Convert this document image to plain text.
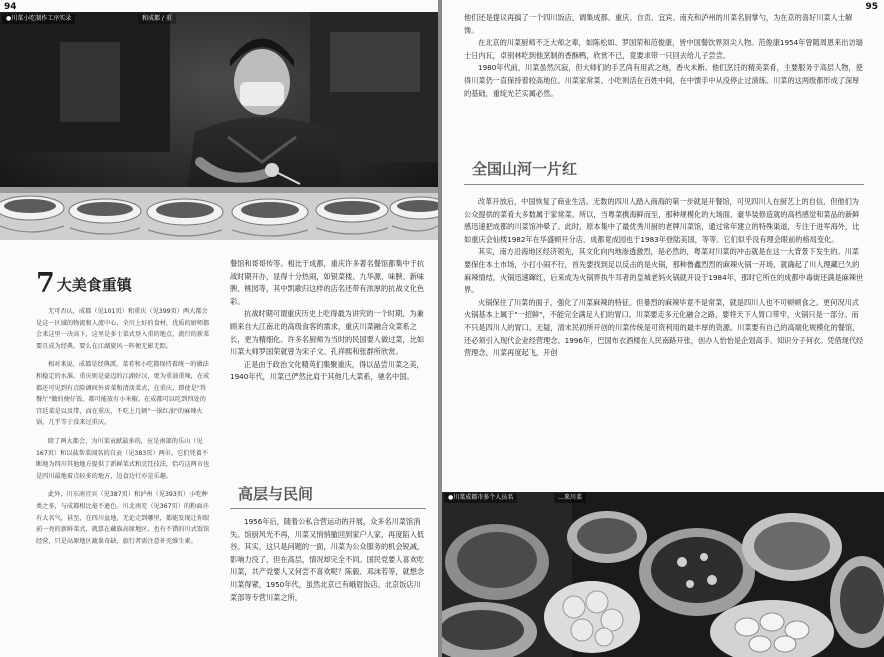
94
●川菜小吃制作工序实录	和成都 / 重
7 大美食重镇

无可否认，成都（见101页）和重庆（见399页）两大都会是这一区域的物流和人流中心，全川上好的食材，优质的厨师都会来这里一决高下，这里是多士菜式登入重的地点，流行的新菜要且成为经典，要么在江湖旋风一阵便无影无踪。

相对来说，成都是经典派，菜肴和小吃都保持着统一的做法和稳定的水准。重庆则是豪迈的江湖好汉，更为重油重辣，在成都还可见到有点险调间外省菜和清淡菜式，在重庆，即使是"答餐厅"做的便仔饭，都可能放有小米椒。在成都可以吃到四处的宫廷菜是以及带，而在重庆，不吃上几顿"一锅红油"的麻辣火锅，几乎等于没来过重庆。

除了两大都会，为川菜贡献最多的，应是南部的乐山（见167页）和以盐帮菜闻名的自贡（见383页）两市。它们凭着不断地为四川其他地方提供了新鲜菜式和烹饪技法，恰巧这两市也是四川最地着点较多的地方，边食边行亦是乐趣。

此外，川东南宜宾（见387页）和泸州（见393页）小吃种类之多，与成都相比毫不逊色。川北南充（见367页）的粉面亦有大名气，甚至，在四川盆地，无论走到哪里，都能发现让你眼前一亮的新鲜菜式，就算在藏族高原地区，也有不错的川式饭馆经营，只是高原地区蔬果奇缺，旅行者需注意补充维生素。

餐馆和哥哥传等。相比于成都，重庆许多著名餐馆都集中于抗战时期开办，显得十分热闹，如银菜楼、九华源、味腴、新味腴、桃园等，其中凯歌归这样的店名还带有浓厚的抗战文化色彩。

抗战时期可谓重庆历史上吃得最为讲究的一个时期，为兼顾来自大江南北的高级食客的需求，重庆川菜融合众菜系之长，更为精细化。许多名厨师为当时的民国要人做过菜，比如川菜大师罗国荣就曾为宋子文、孔祥熙和张群所欣赏。

正是由于政治文化精英们集聚重庆，得以品尝川菜之美，1940年代，川菜已俨然比肩于其他几大菜系，驰名中国。

高层与民间

1956年后，随着公私合营运动的开展，众多名川菜馆消失。馆厨风光不再，川菜又悄悄撤回到家户人家，再度陷入低谷。其实，这只是问题的一面，川菜为公众服务的机会锐减，影响力没了，但在高层，情况却完全不同。国民党要人喜欢吃川菜，共产党要人又何尝不喜欢呢？陈毅、邓沫若等，就想念川菜得紧，1950年代，虽然北京已有峨眉饭店、北京饭店川菜部等专营川菜之所，

95

他们还是提议再搞了一个四川饭店，调集成都、重庆、自贡、宜宾、南充和泸州的川菜名厨掌勺，为在京的喜好川菜人士解馋。

在北京的川菜厨师不乏大师之辈，如陈松如、罗国荣和范俊康，皆中国餐饮界顶尖人物。范俊康1954年曾随周恩来出访瑞士日内瓦，卓别林吃到他烹制的香酥鸭，欣赏不已，竟要求带一只回去给儿子尝尝。

1980年代前，川菜虽然沉寂，但大师们的手艺尚有用武之地，香火未断。他们烹饪的精美菜肴，主要服务于高层人物，使得川菜仍一直保持着较高地位。川菜家常菜、小吃则活在百姓中间，在中馈手中从没停止过演练。川菜的这两级都形成了深厚的基础，重绽光芒实属必然。

全国山河一片红

改革开放后，中国恢复了商业生活。无数的四川人踏入商海的第一步就是开餐馆，可见四川人在厨艺上的自信，但他们为公众提供的菜肴大多数属于家常菜。所以，当粤菜携海鲜而至，那种规模化的大场面、豪华装修造就的高档感觉和菜品的新鲜感迅速把成都的川菜馆冲晕了。此时，原本集中了最优秀川厨的老牌川菜馆，通过常年建立的特殊渠道，专注于进军海外，比如重庆会仙楼1982年在华盛顿开分店，成都竟成园也于1983年登陆美国，等等。它们似乎没有理会眼前的格局变化。

其实，南方沿海地区经济领先，其文化向内地渗透激烈，是必然的，粤菜对川菜的冲击就是在这一大背景下发生的。川菜要保住本土市场，小打小闹不行，首先要找到足以反击的是火锅，那种鲁鑫烈烈的麻辣火锅一开场，就确起了川人理藏已久的麻辣情结，火锅迅速蹿红，后来成为火锅界执牛耳者的皇城老妈火锅就开设于1984年，那时它所在的成都中毒街还满是麻辣世界。

火锅保住了川菜的面子，强化了川菜麻辣的特征。但暴烈的麻辣毕竟不是常菜，就是四川人也不可顿顿食之。更何况川式火锅基本上属于"一招鲜"，不能完全满足人们的胃口。川菜要走多元化融合之路，要将天下人胃口带牢，火锅只是一部分。而不只是四川人的胃口。无疑，清末民初所开创的川菜传统是可资利用的最丰厚的资源。川菜要有自己的高端化规模化的餐馆，还必须引入现代企业经营理念。1996年，巴国布衣酒楼在人民南路开张，创办人怡怡是企划高手、知识分子何衣。凭借现代经营理念，川菜再度起飞，开创

●川菜成都市多个人员名	…来川菜
